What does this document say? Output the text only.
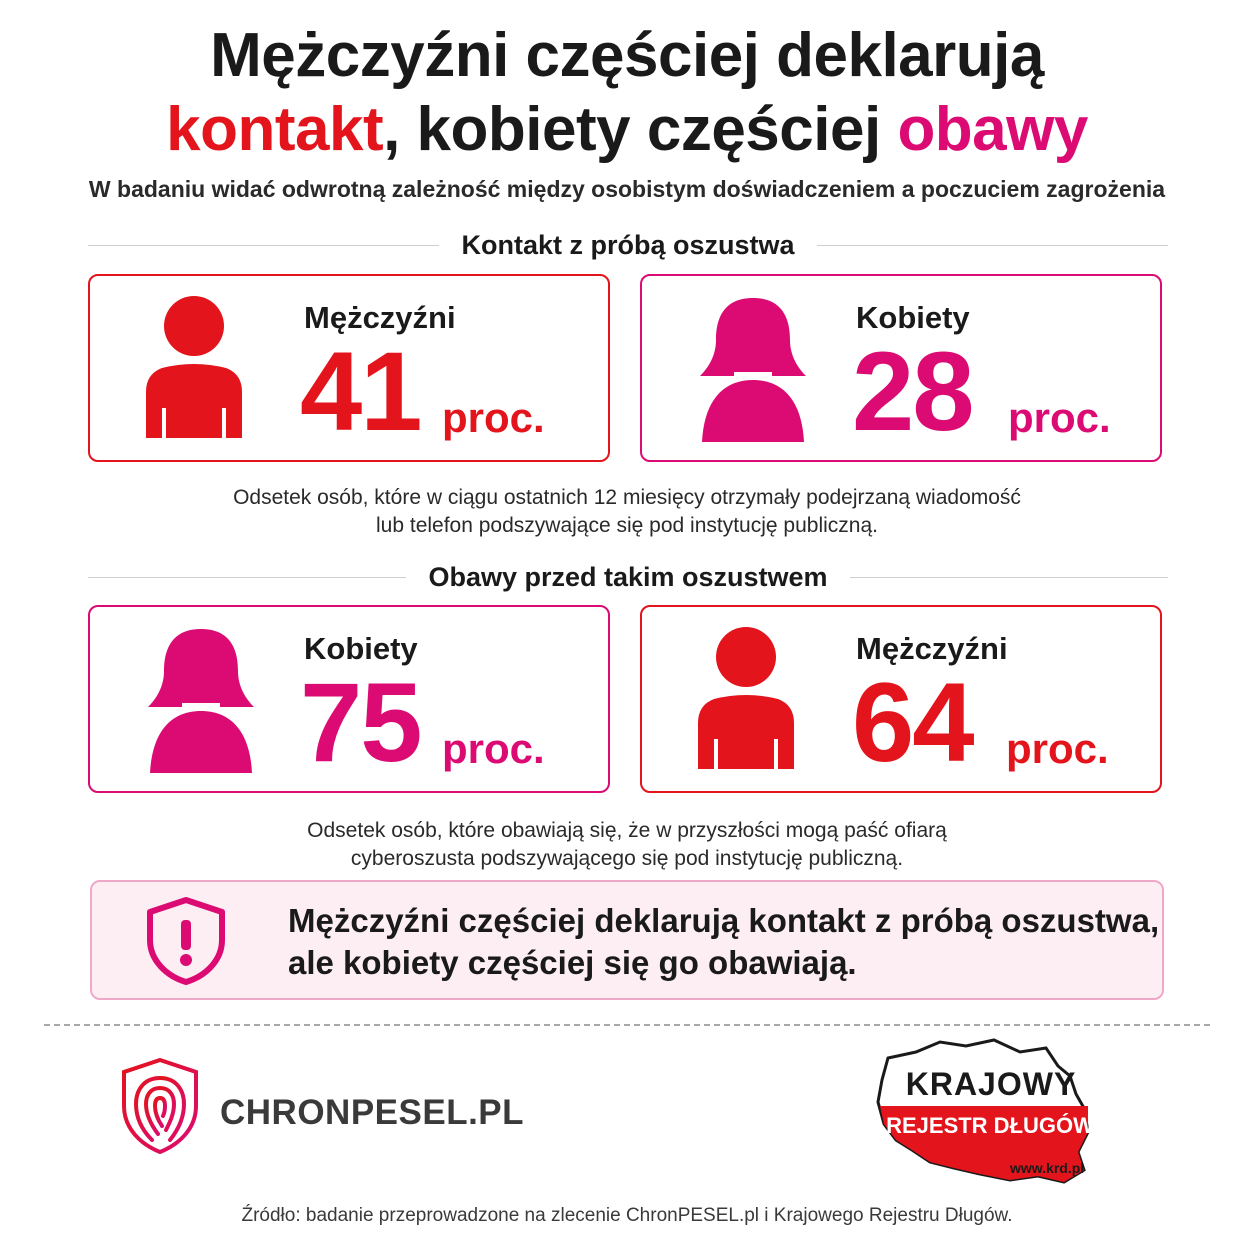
Mężczyźni częściej deklarują
kontakt, kobiety częściej obawy
W badaniu widać odwrotną zależność między osobistym doświadczeniem a poczuciem zagrożenia
Kontakt z próbą oszustwa
Mężczyźni
41 proc.
Kobiety
28 proc.
Odsetek osób, które w ciągu ostatnich 12 miesięcy otrzymały podejrzaną wiadomość
lub telefon podszywające się pod instytucję publiczną.
Obawy przed takim oszustwem
Kobiety
75 proc.
Mężczyźni
64 proc.
Odsetek osób, które obawiają się, że w przyszłości mogą paść ofiarą
cyberoszusta podszywającego się pod instytucję publiczną.
Mężczyźni częściej deklarują kontakt z próbą oszustwa,
ale kobiety częściej się go obawiają.
CHRONPESEL.PL
KRAJOWY
REJESTR DŁUGÓW
www.krd.pl
Źródło: badanie przeprowadzone na zlecenie ChronPESEL.pl i Krajowego Rejestru Długów.
